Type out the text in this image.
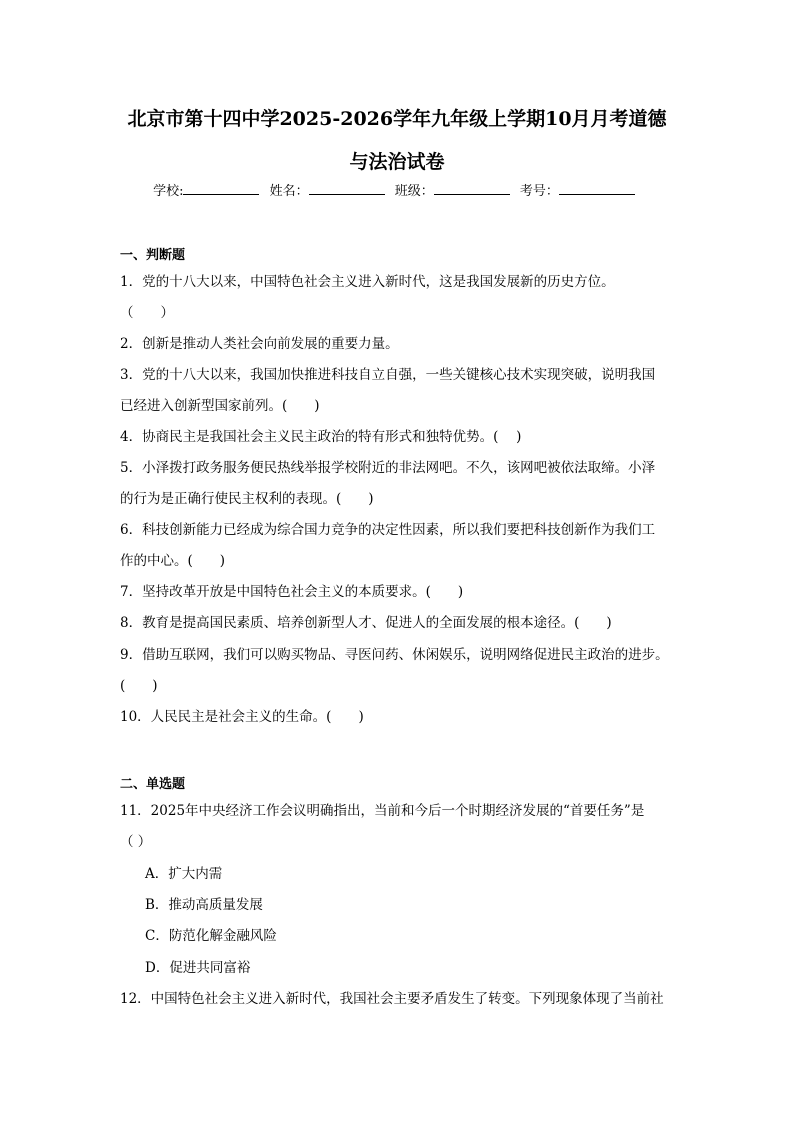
北京市第十四中学2025-2026学年九年级上学期10月月考道德
与法治试卷
学校:	姓名：	班级：	考号：
一、判断题
1．党的十八大以来，中国特色社会主义进入新时代，这是我国发展新的历史方位。
（　　）
2．创新是推动人类社会向前发展的重要力量。
3．党的十八大以来，我国加快推进科技自立自强，一些关键核心技术实现突破，说明我国
已经进入创新型国家前列。(　　)
4．协商民主是我国社会主义民主政治的特有形式和独特优势。(　 )
5．小泽拨打政务服务便民热线举报学校附近的非法网吧。不久，该网吧被依法取缔。小泽
的行为是正确行使民主权利的表现。(　　)
6．科技创新能力已经成为综合国力竞争的决定性因素，所以我们要把科技创新作为我们工
作的中心。(　　)
7．坚持改革开放是中国特色社会主义的本质要求。(　　)
8．教育是提高国民素质、培养创新型人才、促进人的全面发展的根本途径。(　　)
9．借助互联网，我们可以购买物品、寻医问药、休闲娱乐，说明网络促进民主政治的进步。
(　　)
10．人民民主是社会主义的生命。(　　)
二、单选题
11．2025年中央经济工作会议明确指出，当前和今后一个时期经济发展的“首要任务”是
（ ）
A．扩大内需
B．推动高质量发展
C．防范化解金融风险
D．促进共同富裕
12．中国特色社会主义进入新时代，我国社会主要矛盾发生了转变。下列现象体现了当前社
